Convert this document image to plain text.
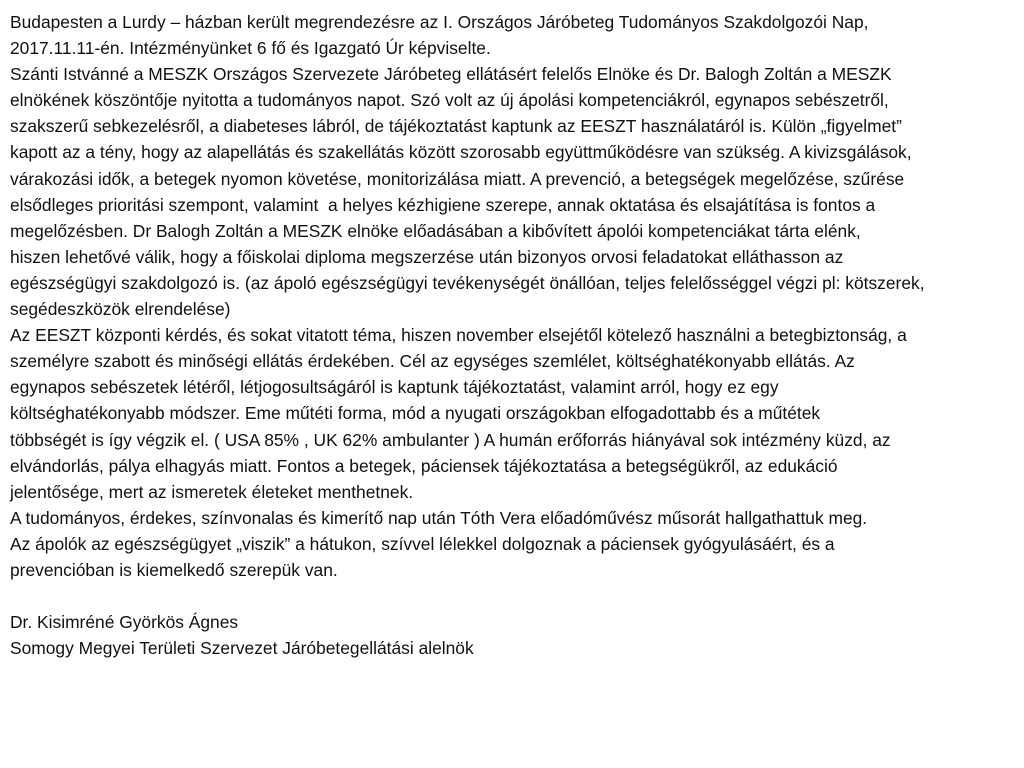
Budapesten a Lurdy – házban került megrendezésre az I. Országos Járóbeteg Tudományos Szakdolgozói Nap,
2017.11.11-én. Intézményünket 6 fő és Igazgató Úr képviselte.
Szánti Istvánné a MESZK Országos Szervezete Járóbeteg ellátásért felelős Elnöke és Dr. Balogh Zoltán a MESZK
elnökének köszöntője nyitotta a tudományos napot. Szó volt az új ápolási kompetenciákról, egynapos sebészetről,
szakszerű sebkezelésről, a diabeteses lábról, de tájékoztatást kaptunk az EESZT használatáról is. Külön „figyelmet”
kapott az a tény, hogy az alapellátás és szakellátás között szorosabb együttműködésre van szükség. A kivizsgálások,
várakozási idők, a betegek nyomon követése, monitorizálása miatt. A prevenció, a betegségek megelőzése, szűrése
elsődleges prioritási szempont, valamint  a helyes kézhigiene szerepe, annak oktatása és elsajátítása is fontos a
megelőzésben. Dr Balogh Zoltán a MESZK elnöke előadásában a kibővített ápolói kompetenciákat tárta elénk,
hiszen lehetővé válik, hogy a főiskolai diploma megszerzése után bizonyos orvosi feladatokat elláthasson az
egészségügyi szakdolgozó is. (az ápoló egészségügyi tevékenységét önállóan, teljes felelősséggel végzi pl: kötszerek,
segédeszközök elrendelése)
Az EESZT központi kérdés, és sokat vitatott téma, hiszen november elsejétől kötelező használni a betegbiztonság, a
személyre szabott és minőségi ellátás érdekében. Cél az egységes szemlélet, költséghatékonyabb ellátás. Az
egynapos sebészetek létéről, létjogosultságáról is kaptunk tájékoztatást, valamint arról, hogy ez egy
költséghatékonyabb módszer. Eme műtéti forma, mód a nyugati országokban elfogadottabb és a műtétek
többségét is így végzik el. ( USA 85% , UK 62% ambulanter ) A humán erőforrás hiányával sok intézmény küzd, az
elvándorlás, pálya elhagyás miatt. Fontos a betegek, páciensek tájékoztatása a betegségükről, az edukáció
jelentősége, mert az ismeretek életeket menthetnek.
A tudományos, érdekes, színvonalas és kimerítő nap után Tóth Vera előadóművész műsorát hallgathattuk meg.
Az ápolók az egészségügyet „viszik” a hátukon, szívvel lélekkel dolgoznak a páciensek gyógyulásáért, és a
prevencióban is kiemelkedő szerepük van.
Dr. Kisimréné Györkös Ágnes
Somogy Megyei Területi Szervezet Járóbetegellátási alelnök
